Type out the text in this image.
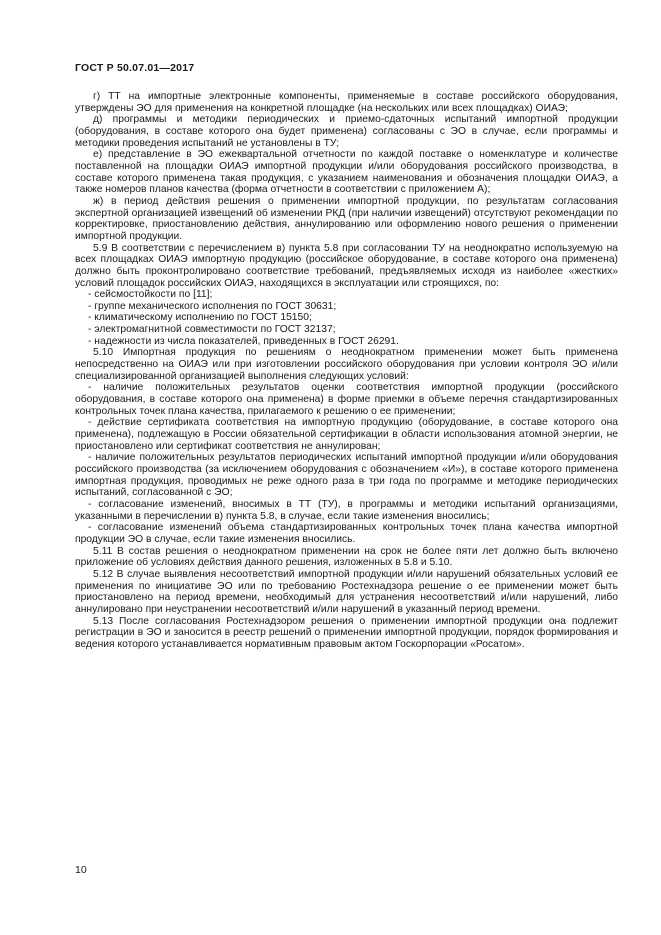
ГОСТ Р 50.07.01—2017

г) ТТ на импортные электронные компоненты, применяемые в составе российского оборудования, утверждены ЭО для применения на конкретной площадке (на нескольких или всех площадках) ОИАЭ;

д) программы и методики периодических и приемо-сдаточных испытаний импортной продукции (оборудования, в составе которого она будет применена) согласованы с ЭО в случае, если программы и методики проведения испытаний не установлены в ТУ;

е) представление в ЭО ежеквартальной отчетности по каждой поставке о номенклатуре и количестве поставленной на площадки ОИАЭ импортной продукции и/или оборудования российского производства, в составе которого применена такая продукция, с указанием наименования и обозначения площадки ОИАЭ, а также номеров планов качества (форма отчетности в соответствии с приложением А);

ж) в период действия решения о применении импортной продукции, по результатам согласования экспертной организацией извещений об изменении РКД (при наличии извещений) отсутствуют рекомендации по корректировке, приостановлению действия, аннулированию или оформлению нового решения о применении импортной продукции.

5.9 В соответствии с перечислением в) пункта 5.8 при согласовании ТУ на неоднократно используемую на всех площадках ОИАЭ импортную продукцию (российское оборудование, в составе которого она применена) должно быть проконтролировано соответствие требований, предъявляемых исходя из наиболее «жестких» условий площадок российских ОИАЭ, находящихся в эксплуатации или строящихся, по:

- сейсмостойкости по [11];

- группе механического исполнения по ГОСТ 30631;

- климатическому исполнению по ГОСТ 15150;

- электромагнитной совместимости по ГОСТ 32137;

- надежности из числа показателей, приведенных в ГОСТ 26291.

5.10 Импортная продукция по решениям о неоднократном применении может быть применена непосредственно на ОИАЭ или при изготовлении российского оборудования при условии контроля ЭО и/или специализированной организацией выполнения следующих условий:

- наличие положительных результатов оценки соответствия импортной продукции (российского оборудования, в составе которого она применена) в форме приемки в объеме перечня стандартизированных контрольных точек плана качества, прилагаемого к решению о ее применении;

- действие сертификата соответствия на импортную продукцию (оборудование, в составе которого она применена), подлежащую в России обязательной сертификации в области использования атомной энергии, не приостановлено или сертификат соответствия не аннулирован;

- наличие положительных результатов периодических испытаний импортной продукции и/или оборудования российского производства (за исключением оборудования с обозначением «И»), в составе которого применена импортная продукция, проводимых не реже одного раза в три года по программе и методике периодических испытаний, согласованной с ЭО;

- согласование изменений, вносимых в ТТ (ТУ), в программы и методики испытаний организациями, указанными в перечислении в) пункта 5.8, в случае, если такие изменения вносились;

- согласование изменений объема стандартизированных контрольных точек плана качества импортной продукции ЭО в случае, если такие изменения вносились.

5.11 В состав решения о неоднократном применении на срок не более пяти лет должно быть включено приложение об условиях действия данного решения, изложенных в 5.8 и 5.10.

5.12 В случае выявления несоответствий импортной продукции и/или нарушений обязательных условий ее применения по инициативе ЭО или по требованию Ростехнадзора решение о ее применении может быть приостановлено на период времени, необходимый для устранения несоответствий и/или нарушений, либо аннулировано при неустранении несоответствий и/или нарушений в указанный период времени.

5.13 После согласования Ростехнадзором решения о применении импортной продукции она подлежит регистрации в ЭО и заносится в реестр решений о применении импортной продукции, порядок формирования и ведения которого устанавливается нормативным правовым актом Госкорпорации «Росатом».

10
